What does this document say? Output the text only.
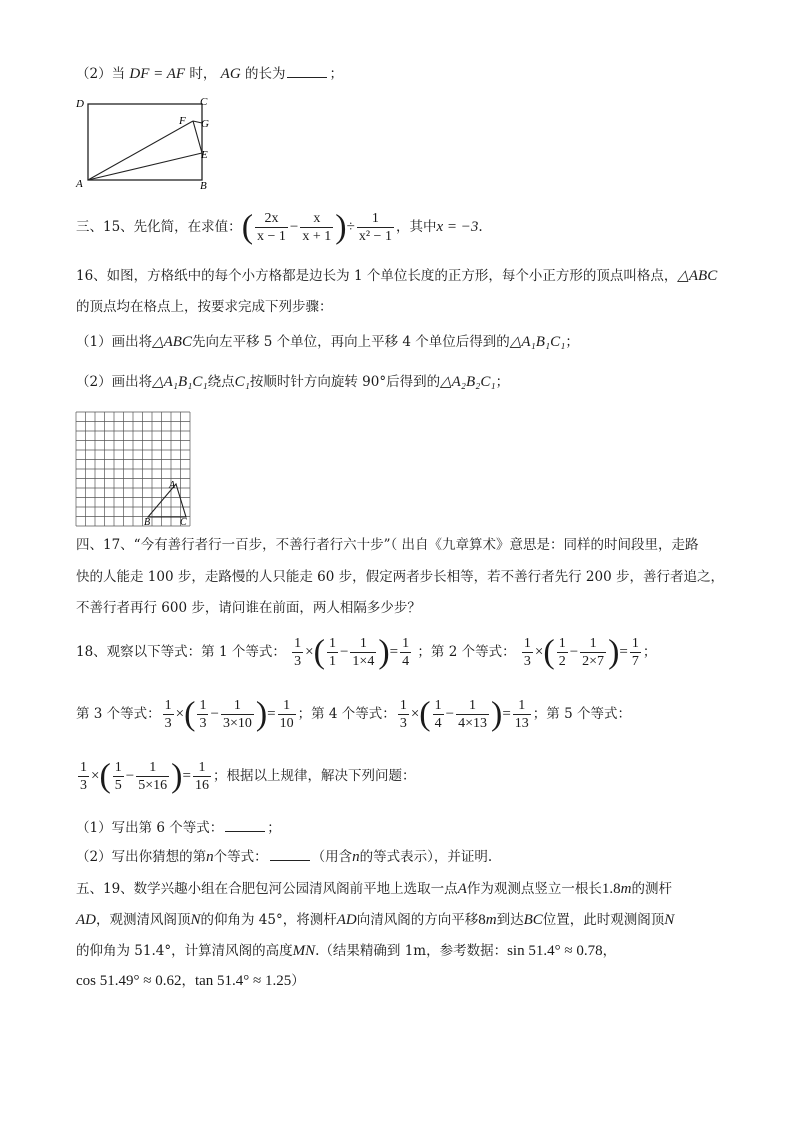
（2）当 DF = AF 时， AG 的长为	；
D	C
F G
E
A	B
三、15、先化简，在求值：( $\frac{2x}{x - 1} - \frac{x}{x + 1}$ )÷ $\frac{1}{\text{x² − 1}}$ ，其中x = −3.
16、如图，方格纸中的每个小方格都是边长为 1 个单位长度的正方形，每个小正方形的顶点叫格点，△ABC
的顶点均在格点上，按要求完成下列步骤：
（1）画出将△ABC先向左平移 5 个单位，再向上平移 4 个单位后得到的△A₁B₁C₁；
（2）画出将△A₁B₁C₁绕点C₁按顺时针方向旋转 90°后得到的△A₂B₂C₁；
A
B	C
四、17、“今有善行者行一百步，不善行者行六十步”（ 出自《九章算术》意思是：同样的时间段里，走路
快的人能走 100 步，走路慢的人只能走 60 步，假定两者步长相等，若不善行者先行 200 步，善行者追之，
不善行者再行 600 步，请问谁在前面，两人相隔多少步？
18、观察以下等式：第 1 个等式： $\frac{1}{3}$ ×( $\frac{1}{1} - \frac{1}{1\times 4}$ )= $\frac{1}{4}$ ；第 2 个等式： $\frac{1}{3}$ ×( $\frac{1}{2} - \frac{1}{2\times 7}$ )= $\frac{1}{7}$ ；
第 3 个等式： $\frac{1}{3}$ ×( $\frac{1}{3} - \frac{1}{3\times 10}$ )= $\frac{1}{10}$ ；第 4 个等式： $\frac{1}{3}$ ×( $\frac{1}{4} - \frac{1}{4\times 13}$ )= $\frac{1}{13}$ ；第 5 个等式：
$\frac{1}{3}$ ×( $\frac{1}{5} - \frac{1}{5\times 16}$ )= $\frac{1}{16}$ ；根据以上规律，解决下列问题：
（1）写出第 6 个等式：	；
（2）写出你猜想的第n个等式：	（用含n的等式表示），并证明.
五、19、数学兴趣小组在合肥包河公园清风阁前平地上选取一点A作为观测点竖立一根长1.8m的测杆
AD，观测清风阁顶N的仰角为 45°，将测杆AD向清风阁的方向平移8m到达BC位置，此时观测阁顶N
的仰角为 51.4°，计算清风阁的高度MN.（结果精确到 1m，参考数据：sin 51.4° ≈ 0.78，
cos 51.49° ≈ 0.62，tan 51.4° ≈ 1.25）
